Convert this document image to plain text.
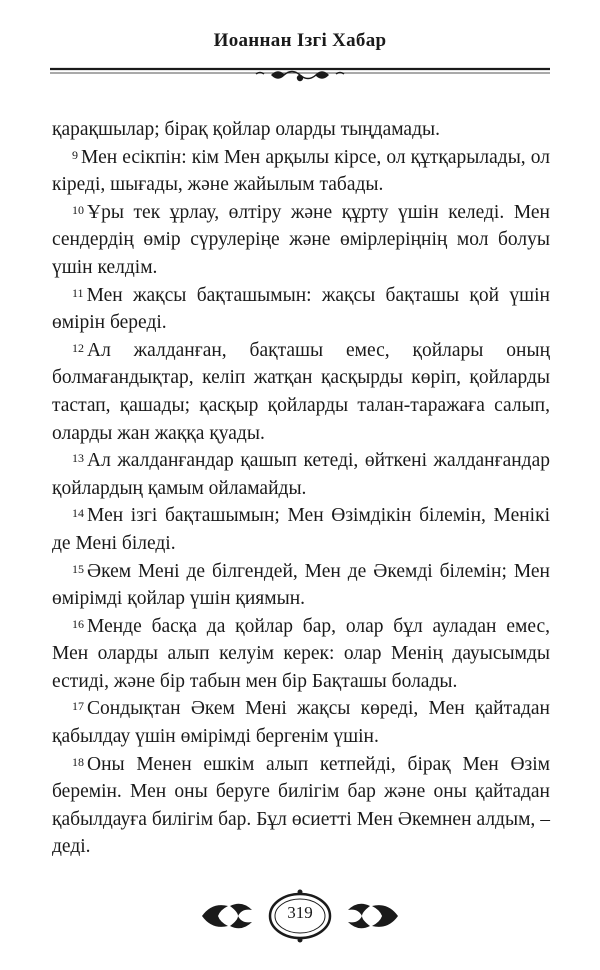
Иоаннан Ізгі Хабар

қарақшылар; бірақ қойлар оларды тыңдамады.

$^9$ Мен есікпін: кім Мен арқылы кірсе, ол құтқарылады, ол кіреді, шығады, және жайылым табады.

$^{10}$ Ұры тек ұрлау, өлтіру және құрту үшін келеді. Мен сендердің өмір сүрулеріңе және өмірлеріңнің мол болуы үшін келдім.

$^{11}$ Мен жақсы бақташымын: жақсы бақташы қой үшін өмірін береді.

$^{12}$ Ал жалданған, бақташы емес, қойлары оның болмағандықтар, келіп жатқан қасқырды көріп, қойларды тастап, қашады; қасқыр қойларды талан-таражаға салып, оларды жан жаққа қуады.

$^{13}$ Ал жалданғандар қашып кетеді, өйткені жалданғандар қойлардың қамым ойламайды.

$^{14}$ Мен ізгі бақташымын; Мен Өзімдікін білемін, Менікі де Мені біледі.

$^{15}$ Әкем Мені де білгендей, Мен де Әкемді білемін; Мен өмірімді қойлар үшін қиямын.

$^{16}$ Менде басқа да қойлар бар, олар бұл ауладан емес, Мен оларды алып келуім керек: олар Менің дауысымды естиді, және бір табын мен бір Бақташы болады.

$^{17}$ Сондықтан Әкем Мені жақсы көреді, Мен қайтадан қабылдау үшін өмірімді бергенім үшін.

$^{18}$ Оны Менен ешкім алып кетпейді, бірақ Мен Өзім беремін. Мен оны беруге билігім бар және оны қайтадан қабылдауға билігім бар. Бұл өсиетті Мен Әкемнен алдым, – деді.

319
